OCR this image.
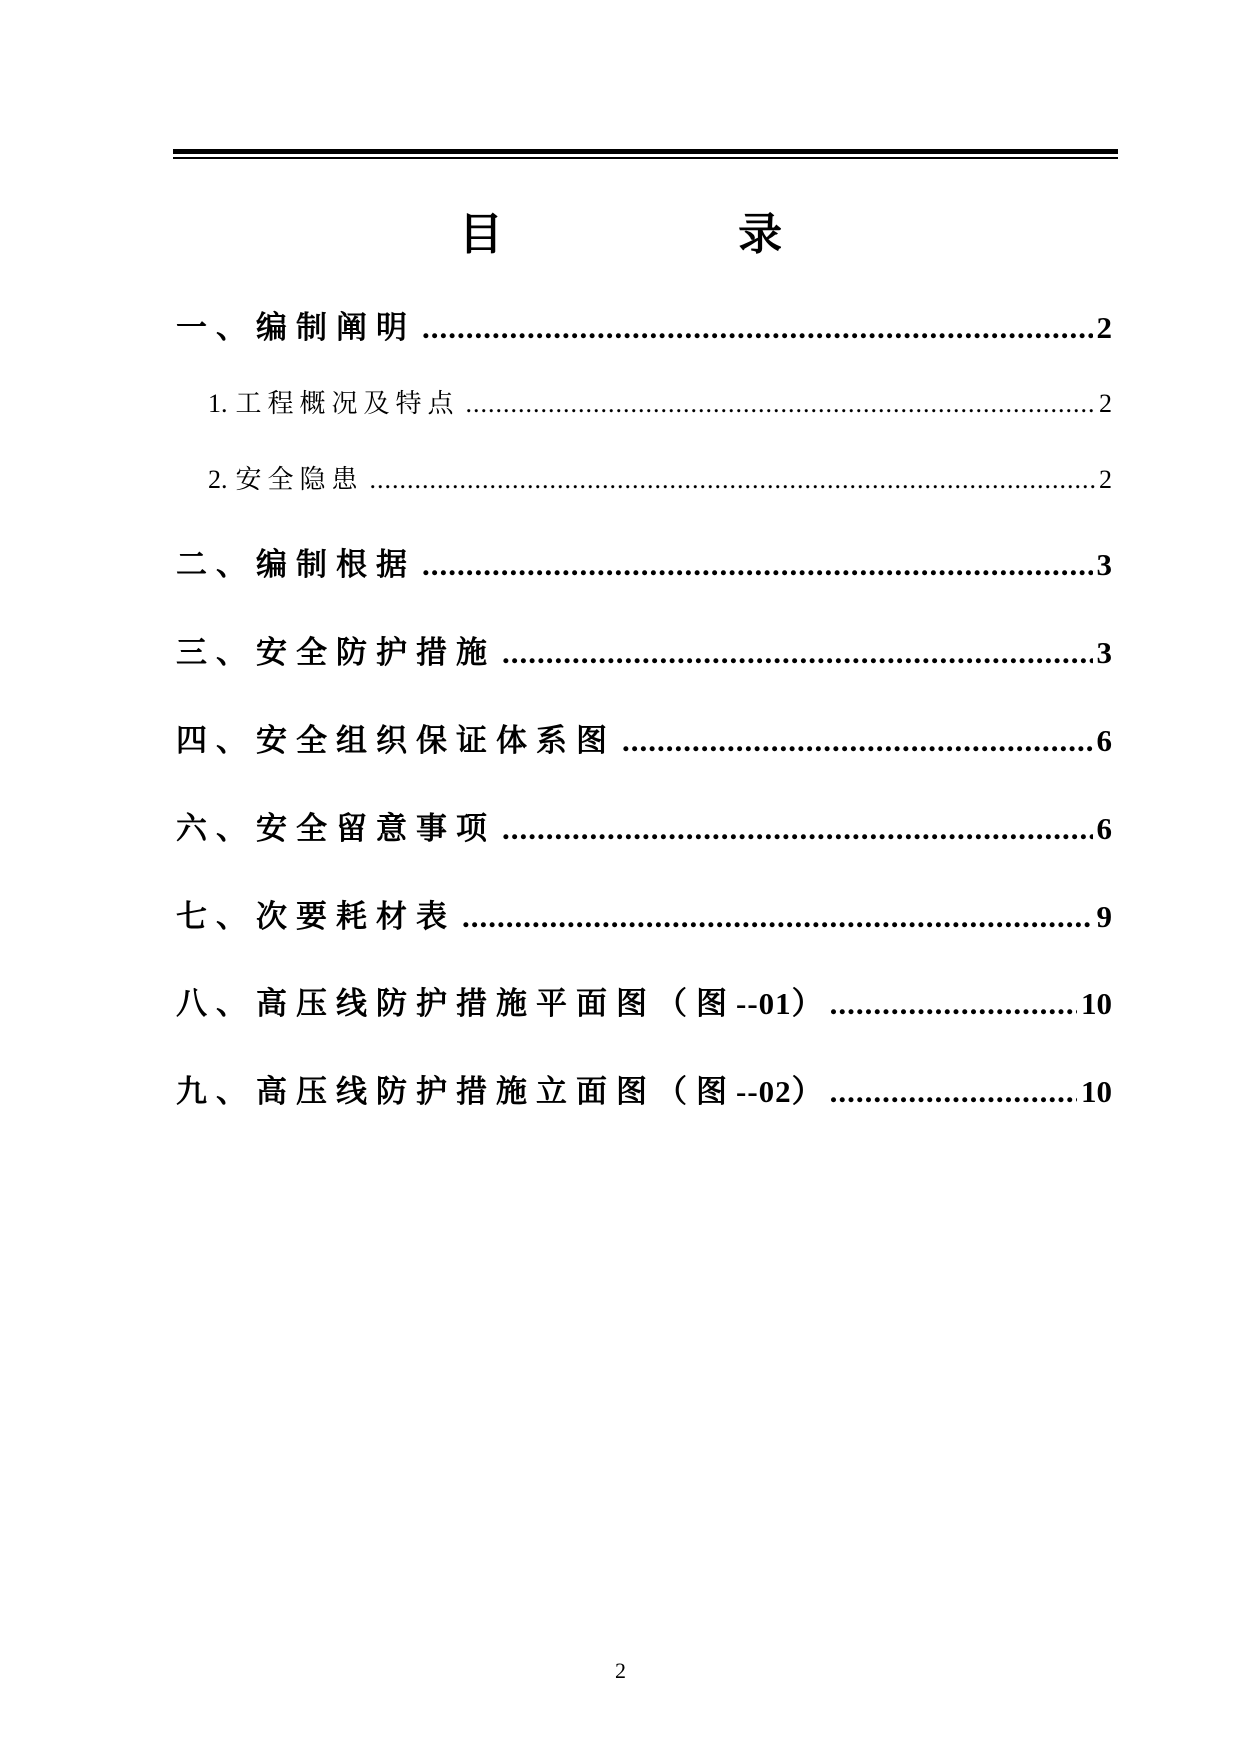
目 录
一、编制阐明 .....	2
1. 工程概况及特点 .....	2
2. 安全隐患 .....	2
二、编制根据 .....	3
三、安全防护措施 .....	3
四、安全组织保证体系图 .....	6
六、安全留意事项 .....	6
七、次要耗材表 .....	9
八、高压线防护措施平面图（图--01） .....	10
九、高压线防护措施立面图（图--02） .....	10
2
